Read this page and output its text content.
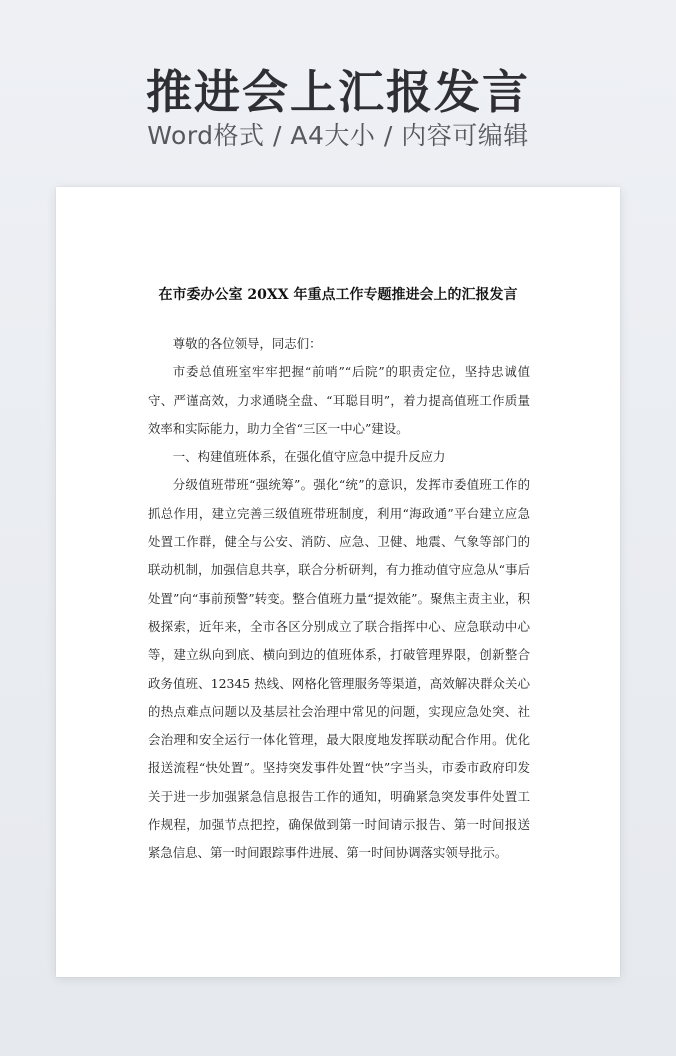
推进会上汇报发言
Word格式 / A4大小 / 内容可编辑
在市委办公室 20XX 年重点工作专题推进会上的汇报发言

尊敬的各位领导，同志们：

市委总值班室牢牢把握“前哨”“后院”的职责定位，坚持忠诚值守、严谨高效，力求通晓全盘、“耳聪目明”，着力提高值班工作质量效率和实际能力，助力全省“三区一中心”建设。

一、构建值班体系，在强化值守应急中提升反应力

分级值班带班“强统筹”。强化“统”的意识，发挥市委值班工作的抓总作用，建立完善三级值班带班制度，利用“海政通”平台建立应急处置工作群，健全与公安、消防、应急、卫健、地震、气象等部门的联动机制，加强信息共享，联合分析研判，有力推动值守应急从“事后处置”向“事前预警”转变。整合值班力量“提效能”。聚焦主责主业，积极探索，近年来，全市各区分别成立了联合指挥中心、应急联动中心等，建立纵向到底、横向到边的值班体系，打破管理界限，创新整合政务值班、12345 热线、网格化管理服务等渠道，高效解决群众关心的热点难点问题以及基层社会治理中常见的问题，实现应急处突、社会治理和安全运行一体化管理，最大限度地发挥联动配合作用。优化报送流程“快处置”。坚持突发事件处置“快”字当头，市委市政府印发关于进一步加强紧急信息报告工作的通知，明确紧急突发事件处置工作规程，加强节点把控，确保做到第一时间请示报告、第一时间报送紧急信息、第一时间跟踪事件进展、第一时间协调落实领导批示。
